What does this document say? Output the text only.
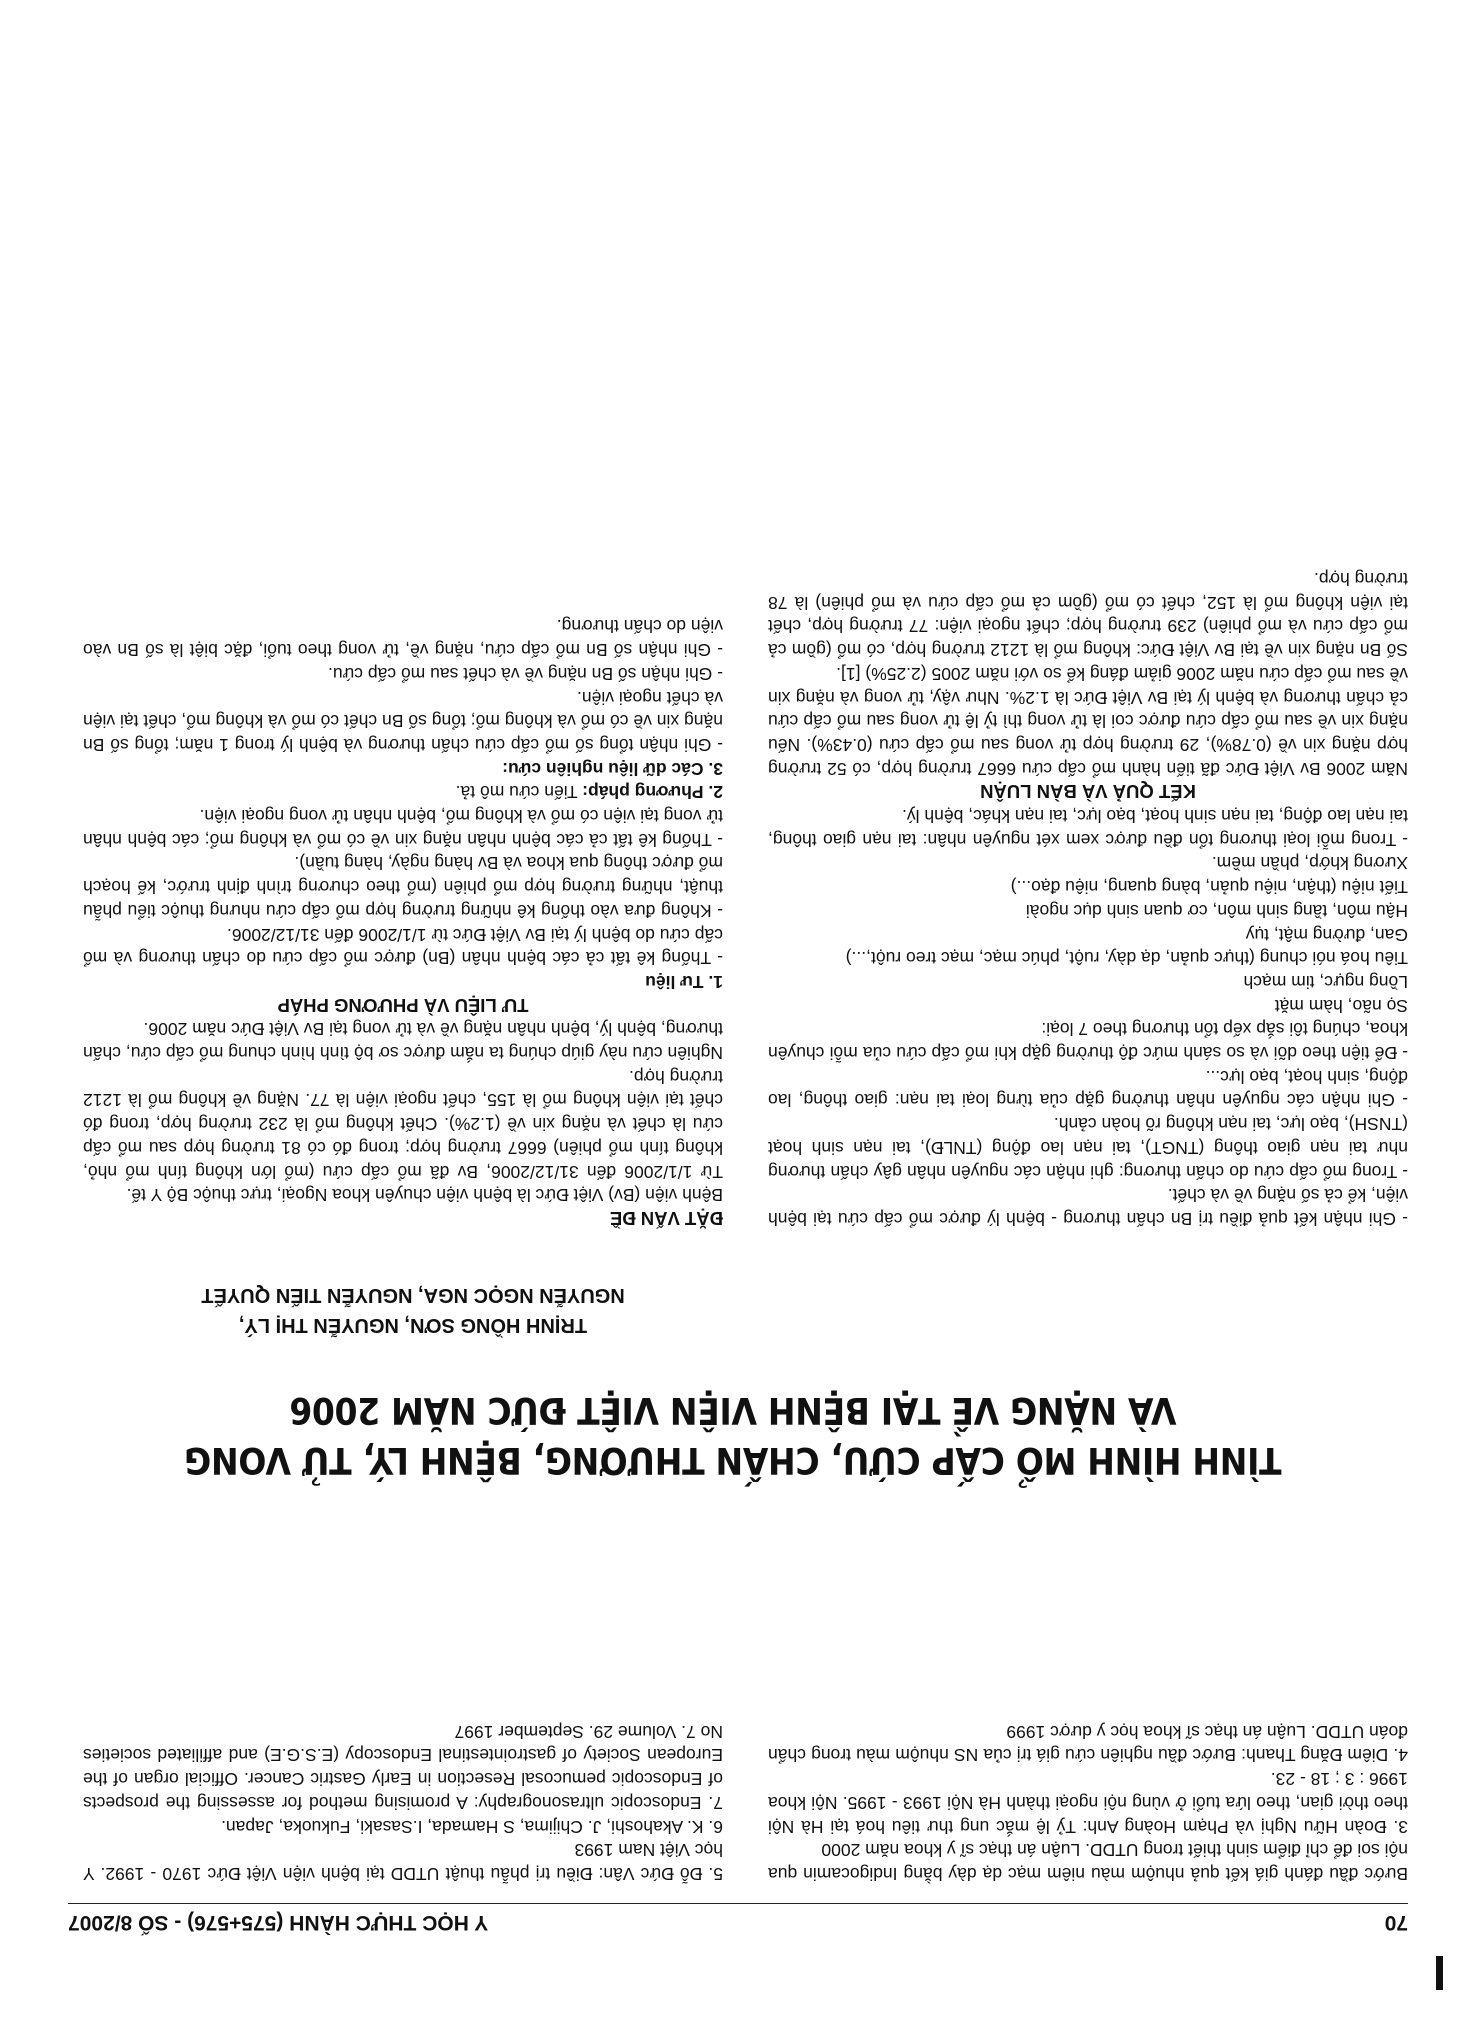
70
Y HỌC THỰC HÀNH (575+576) - SỐ 8/2007

Bước đầu đánh giá kết quả nhuộm màu niêm mạc dạ dày bằng Indigocamin qua nội soi để chỉ điểm sinh thiết trong UTDD. Luận án thạc sĩ y khoa năm 2000

3. Đoàn Hữu Nghị và Phạm Hoàng Anh: Tỷ lệ mắc ung thư tiêu hoá tại Hà Nội theo thời gian, theo lứa tuổi ở vùng nội ngoại thành Hà Nội 1993 - 1995. Nội khoa 1996 : 3 ; 18 - 23.

4. Diêm Đăng Thanh: Bước đầu nghiên cứu giá trị của NS nhuộm màu trong chẩn đoán UTDD. Luận án thạc sĩ khoa học y dược 1999

5. Đỗ Đức Vân: Điều trị phẫu thuật UTDD tại bệnh viện Việt Đức 1970 - 1992. Y học Việt Nam 1993

6. K. Akahoshi, J. Chijima, S Hamada, I.Sasaki, Fukuoka, Japan.

7. Endoscopic ultrasonography: A promising method for assessing the prospects of Endoscopic pemucosal Resection in Early Gastric Cancer. Official organ of the European Society of gastrointestinal Endoscopy (E.S.G.E) and affiliated societies No 7. Volume 29. September 1997

TÌNH HÌNH MỔ CẤP CỨU, CHẤN THƯƠNG, BỆNH LÝ, TỬ VONG
VÀ NẶNG VỀ TẠI BỆNH VIỆN VIỆT ĐỨC NĂM 2006
TRỊNH HỒNG SƠN, NGUYỄN THỊ LÝ,
NGUYỄN NGỌC NGA, NGUYỄN TIẾN QUYẾT

- Ghi nhận kết quả điều trị Bn chấn thương - bệnh lý được mổ cấp cứu tại bệnh viện, kể cả số nặng về và chết.

- Trong mổ cấp cứu do chấn thương: ghi nhận các nguyên nhân gây chấn thương như tai nạn giao thông (TNGT), tai nạn lao động (TNLĐ), tai nạn sinh hoạt (TNSH), bạo lực, tai nạn không rõ hoàn cảnh.

- Ghi nhận các nguyên nhân thường gặp của từng loại tai nạn: giao thông, lao động, sinh hoạt, bạo lực...

- Để tiện theo dõi và so sánh mức độ thường gặp khi mổ cấp cứu của mỗi chuyên khoa, chúng tôi sắp xếp tổn thương theo 7 loại:

Sọ não, hàm mặt

Lồng ngực, tim mạch

Tiêu hoá nói chung (thực quản, dạ dày, ruột, phúc mạc, mạc treo ruột,...)

Gan, đường mật, tụy

Hậu môn, tầng sinh môn, cơ quan sinh dục ngoài

Tiết niệu (thận, niệu quản, bàng quang, niệu đạo...)

Xương khớp, phần mềm.

- Trong mỗi loại thương tổn đều được xem xét nguyên nhân: tai nạn giao thông, tai nạn lao động, tai nạn sinh hoạt, bạo lực, tai nạn khác, bệnh lý.

KẾT QUẢ VÀ BÀN LUẬN

Năm 2006 Bv Việt Đức đã tiến hành mổ cấp cứu 6667 trường hợp, có 52 trường hợp nặng xin về (0.78%), 29 trường hợp tử vong sau mổ cấp cứu (0.43%). Nếu nặng xin về sau mổ cấp cứu được coi là tử vong thì tỷ lệ tử vong sau mổ cấp cứu cả chấn thương và bệnh lý tại Bv Việt Đức là 1.2%. Như vậy, tử vong và nặng xin về sau mổ cấp cứu năm 2006 giảm đáng kể so với năm 2005 (2.25%) [1].

Số Bn nặng xin về tại Bv Việt Đức: không mổ là 1212 trường hợp, có mổ (gồm cả mổ cấp cứu và mổ phiên) 239 trường hợp; chết ngoại viện: 77 trường hợp, chết tại viện không mổ là 152, chết có mổ (gồm cả mổ cấp cứu và mổ phiên) là 78 trường hợp.

ĐẶT VẤN ĐỀ

Bệnh viện (Bv) Việt Đức là bệnh viện chuyên khoa Ngoại, trực thuộc Bộ Y tế.

Từ 1/1/2006 đến 31/12/2006, Bv đã mổ cấp cứu (mổ lớn không tính mổ nhỏ, không tính mổ phiên) 6667 trường hợp; trong đó có 81 trường hợp sau mổ cấp cứu là chết và nặng xin về (1.2%). Chết không mổ là 232 trường hợp, trong đó chết tại viện không mổ là 155, chết ngoại viện là 77. Nặng về không mổ là 1212 trường hợp.

Nghiên cứu này giúp chúng ta nắm được sơ bộ tình hình chung mổ cấp cứu, chấn thương, bệnh lý, bệnh nhân nặng về và tử vong tại Bv Việt Đức năm 2006.

TƯ LIỆU VÀ PHƯƠNG PHÁP

1. Tư liệu

- Thống kê tất cả các bệnh nhân (Bn) được mổ cấp cứu do chấn thương và mổ cấp cứu do bệnh lý tại Bv Việt Đức từ 1/1/2006 đến 31/12/2006.

- Không đưa vào thống kê những trường hợp mổ cấp cứu nhưng thuộc tiểu phẫu thuật, những trường hợp mổ phiên (mổ theo chương trình định trước, kế hoạch mổ được thông qua khoa và Bv hàng ngày, hàng tuần).

- Thống kê tất cả các bệnh nhân nặng xin về có mổ và không mổ; các bệnh nhân tử vong tại viện có mổ và không mổ, bệnh nhân tử vong ngoại viện.

2. Phương pháp: Tiến cứu mô tả.

3. Các dữ liệu nghiên cứu:

- Ghi nhận tổng số mổ cấp cứu chấn thương và bệnh lý trong 1 năm; tổng số Bn nặng xin về có mổ và không mổ; tổng số Bn chết có mổ và không mổ, chết tại viện và chết ngoại viện.

- Ghi nhận số Bn nặng về và chết sau mổ cấp cứu.

- Ghi nhận số Bn mổ cấp cứu, nặng về, tử vong theo tuổi, đặc biệt là số Bn vào viện do chấn thương.
